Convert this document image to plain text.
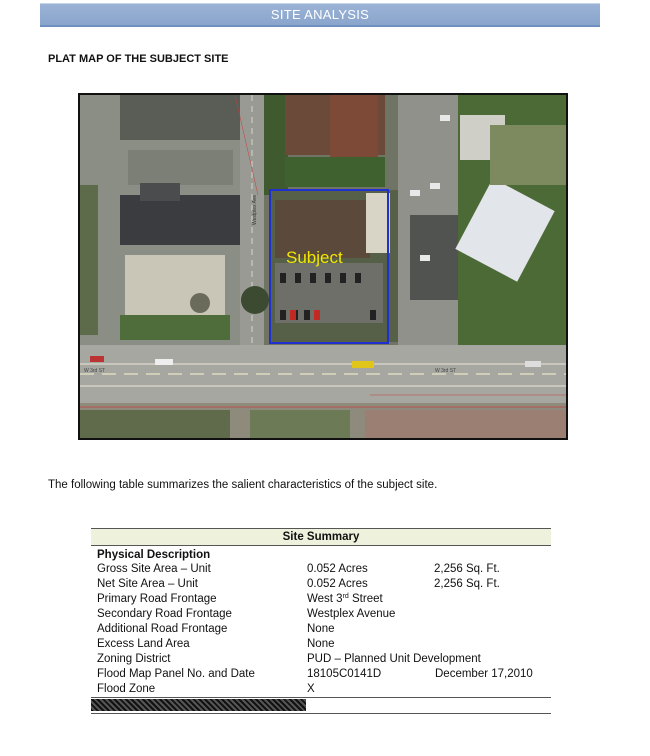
SITE ANALYSIS
PLAT MAP OF THE SUBJECT SITE
Subject
W 3rd ST	W 3rd ST
Westplex Ave
The following table summarizes the salient characteristics of the subject site.
Site Summary
Physical Description
Gross Site Area – Unit	0.052 Acres	2,256 Sq. Ft.
Net Site Area – Unit	0.052 Acres	2,256 Sq. Ft.
Primary Road Frontage	West 3rd Street
Secondary Road Frontage	Westplex Avenue
Additional Road Frontage	None
Excess Land Area	None
Zoning District	PUD – Planned Unit Development
Flood Map Panel No. and Date	18105C0141D	December 17,2010
Flood Zone	X
